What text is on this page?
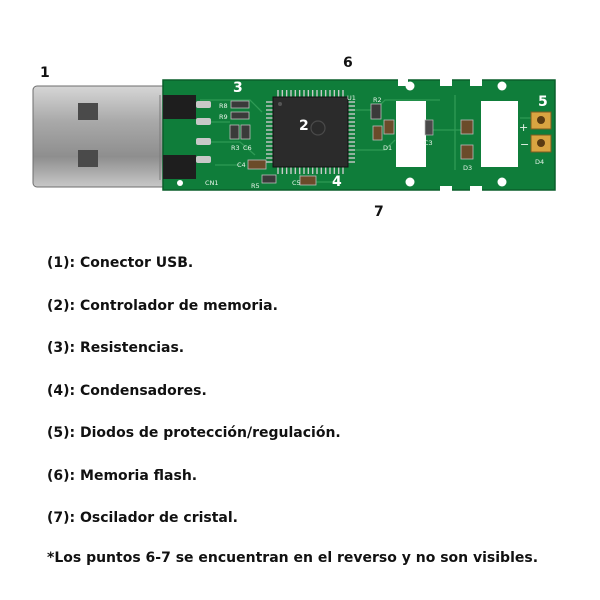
R8
R9
R3 C6
C4
R5	C5
R2
D1
C3
D3
D4
U1
CN1
+
−
1
2
3
4
5
6
7
(1): Conector USB.
(2): Controlador de memoria.
(3): Resistencias.
(4): Condensadores.
(5): Diodos de protección/regulación.
(6): Memoria flash.
(7): Oscilador de cristal.
*Los puntos 6-7 se encuentran en el reverso y no son visibles.
